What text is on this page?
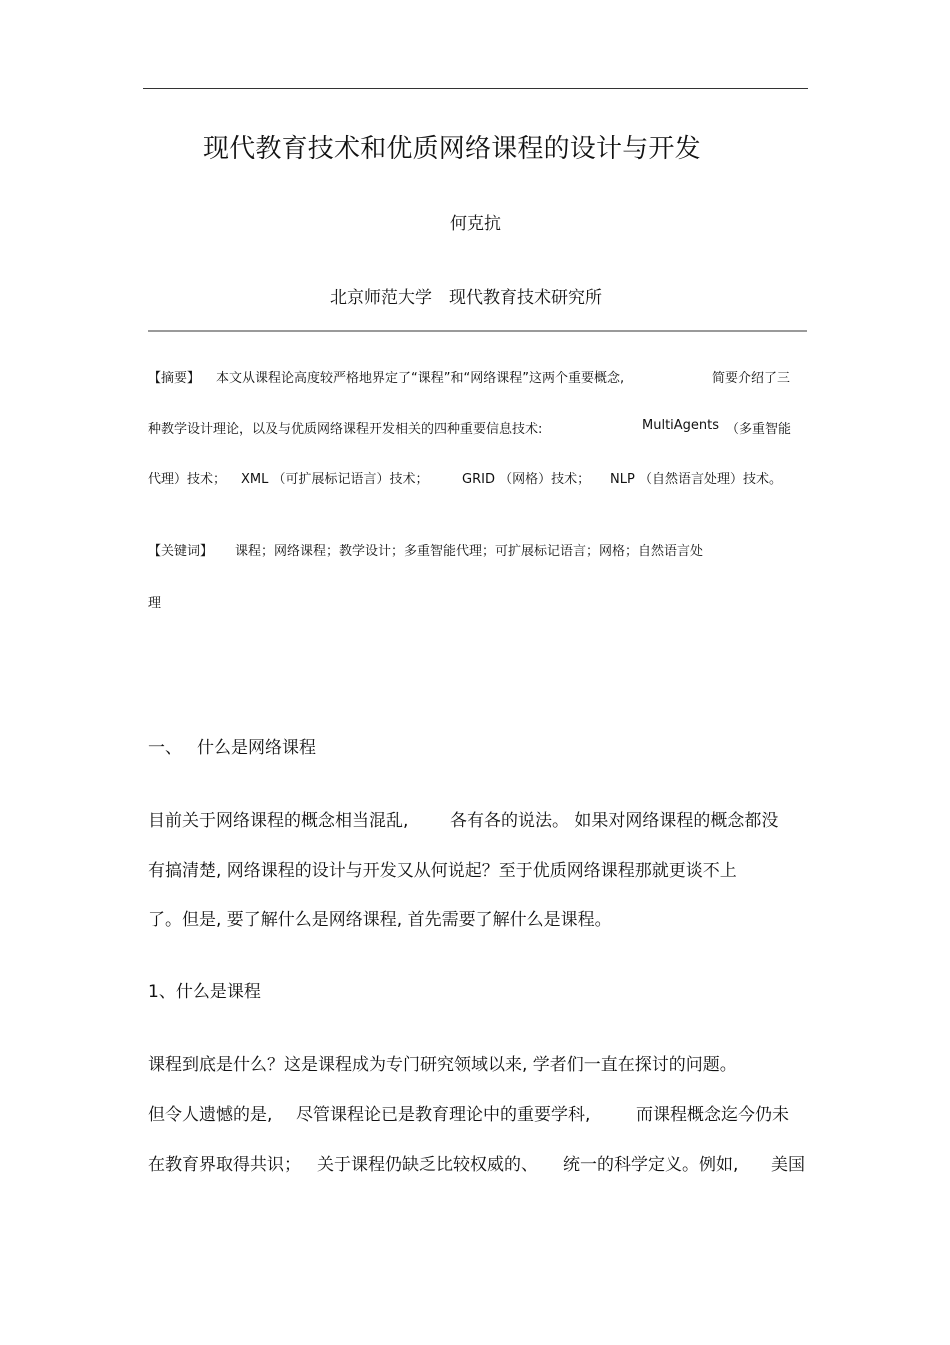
现代教育技术和优质网络课程的设计与开发
何克抗
北京师范大学　现代教育技术研究所
【摘要】 本文从课程论高度较严格地界定了“课程”和“网络课程”这两个重要概念,	简要介绍了三
种教学设计理论，以及与优质网络课程开发相关的四种重要信息技术:	MultiAgents （多重智能
代理）技术； XML （可扩展标记语言）技术；	GRID （网格）技术； NLP （自然语言处理）技术。
【关键词】 课程；网络课程；教学设计；多重智能代理；可扩展标记语言；网格；自然语言处
理
一、 什么是网络课程
目前关于网络课程的概念相当混乱, 各有各的说法。 如果对网络课程的概念都没
有搞清楚, 网络课程的设计与开发又从何说起？至于优质网络课程那就更谈不上
了。但是, 要了解什么是网络课程, 首先需要了解什么是课程。
1、什么是课程
课程到底是什么？这是课程成为专门研究领域以来, 学者们一直在探讨的问题。
但令人遗憾的是, 尽管课程论已是教育理论中的重要学科,	而课程概念迄今仍未
在教育界取得共识； 关于课程仍缺乏比较权威的、 统一的科学定义。例如, 美国
